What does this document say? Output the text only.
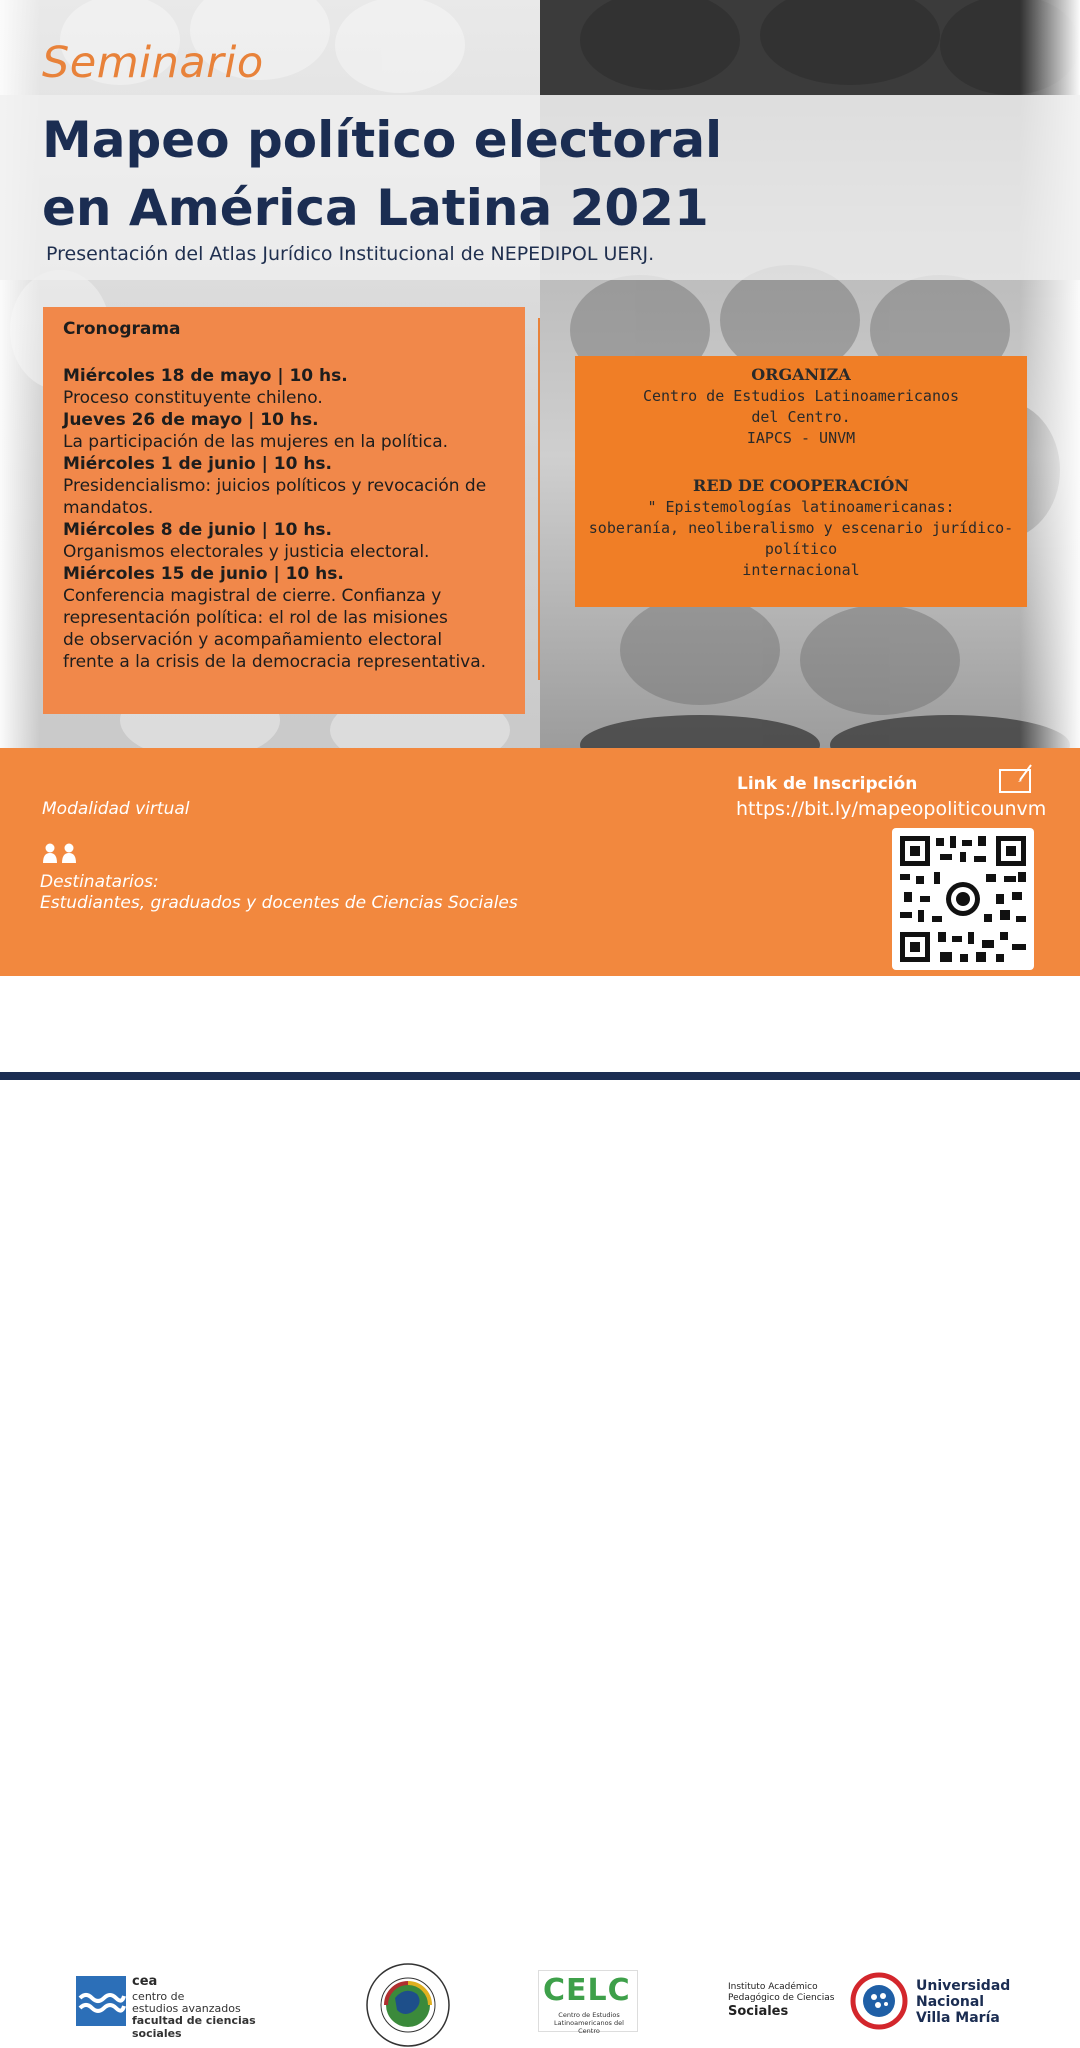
Seminario
Mapeo político electoral
en América Latina 2021
Presentación del Atlas Jurídico Institucional de NEPEDIPOL UERJ.
Cronograma
Miércoles 18 de mayo | 10 hs.
Proceso constituyente chileno.
Jueves 26 de mayo | 10 hs.
La participación de las mujeres en la política.
Miércoles 1 de junio | 10 hs.
Presidencialismo: juicios políticos y revocación de
mandatos.
Miércoles 8 de junio | 10 hs.
Organismos electorales y justicia electoral.
Miércoles 15 de junio | 10 hs.
Conferencia magistral de cierre. Confianza y
representación política: el rol de las misiones
de observación y acompañamiento electoral
frente a la crisis de la democracia representativa.
ORGANIZA
Centro de Estudios Latinoamericanos
del Centro.
IAPCS - UNVM
RED DE COOPERACIÓN
" Epistemologías latinoamericanas:
soberanía, neoliberalismo y escenario jurídico-político
internacional
Modalidad virtual
Destinatarios:
Estudiantes, graduados y docentes de Ciencias Sociales
Link de Inscripción
https://bit.ly/mapeopoliticounvm
cea
centro de
estudios avanzados
facultad de ciencias sociales
CELC
Centro de Estudios Latinoamericanos del Centro
Instituto Académico
Pedagógico de Ciencias
Sociales
Universidad
Nacional
Villa María
